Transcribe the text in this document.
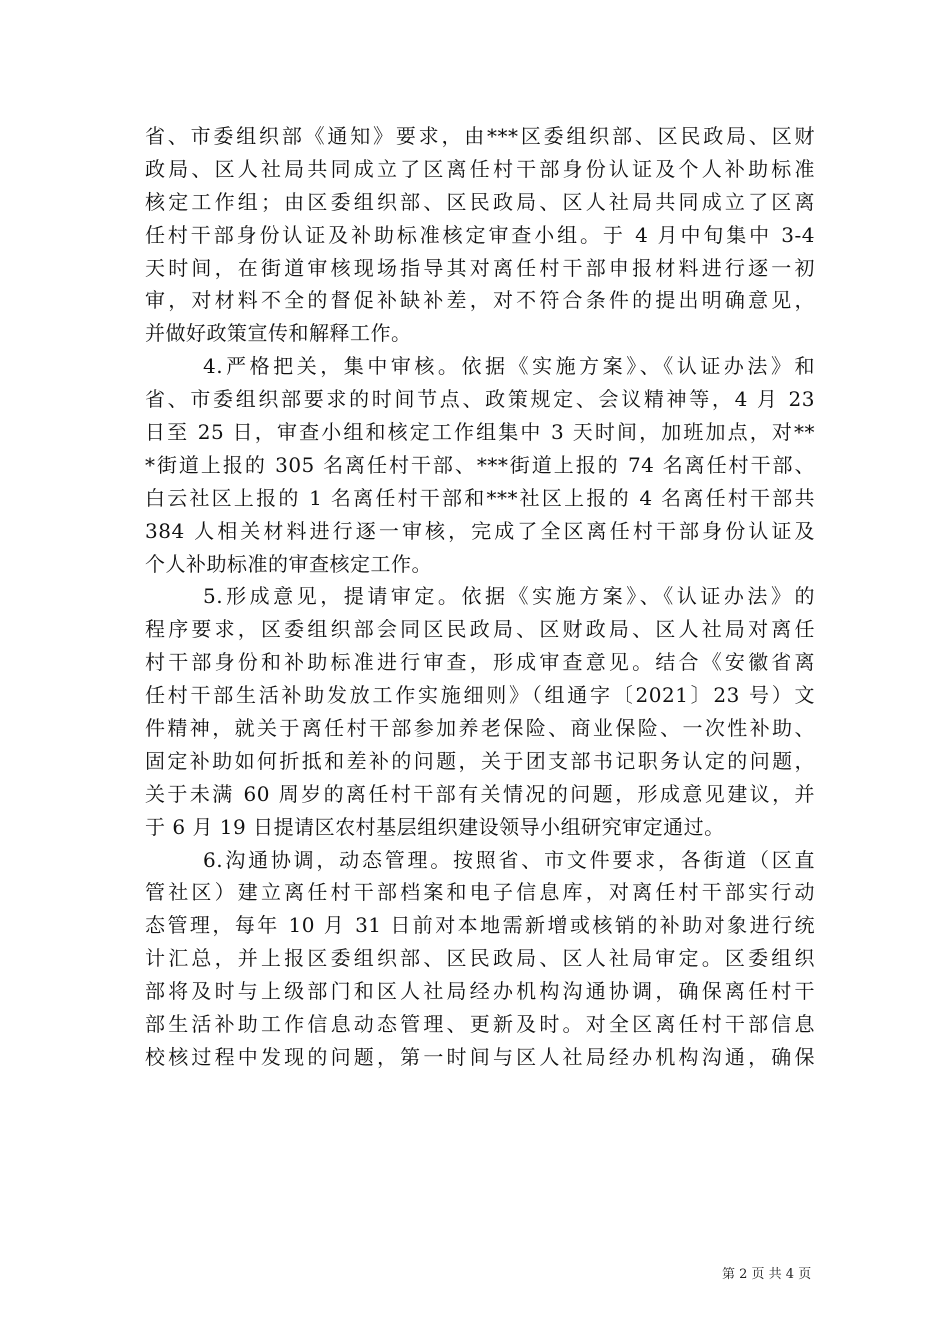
省、市委组织部《通知》要求，由***区委组织部、区民政局、区财
政局、区人社局共同成立了区离任村干部身份认证及个人补助标准
核定工作组；由区委组织部、区民政局、区人社局共同成立了区离
任村干部身份认证及补助标准核定审查小组。于 4 月中旬集中 3-4
天时间，在街道审核现场指导其对离任村干部申报材料进行逐一初
审，对材料不全的督促补缺补差，对不符合条件的提出明确意见，
并做好政策宣传和解释工作。
4.严格把关，集中审核。依据《实施方案》、《认证办法》和
省、市委组织部要求的时间节点、政策规定、会议精神等，4 月 23
日至 25 日，审查小组和核定工作组集中 3 天时间，加班加点，对**
*街道上报的 305 名离任村干部、***街道上报的 74 名离任村干部、
白云社区上报的 1 名离任村干部和***社区上报的 4 名离任村干部共
384 人相关材料进行逐一审核，完成了全区离任村干部身份认证及
个人补助标准的审查核定工作。
5.形成意见，提请审定。依据《实施方案》、《认证办法》的
程序要求，区委组织部会同区民政局、区财政局、区人社局对离任
村干部身份和补助标准进行审查，形成审查意见。结合《安徽省离
任村干部生活补助发放工作实施细则》（组通字〔2021〕23 号）文
件精神，就关于离任村干部参加养老保险、商业保险、一次性补助、
固定补助如何折抵和差补的问题，关于团支部书记职务认定的问题，
关于未满 60 周岁的离任村干部有关情况的问题，形成意见建议，并
于 6 月 19 日提请区农村基层组织建设领导小组研究审定通过。
6.沟通协调，动态管理。按照省、市文件要求，各街道（区直
管社区）建立离任村干部档案和电子信息库，对离任村干部实行动
态管理，每年 10 月 31 日前对本地需新增或核销的补助对象进行统
计汇总，并上报区委组织部、区民政局、区人社局审定。区委组织
部将及时与上级部门和区人社局经办机构沟通协调，确保离任村干
部生活补助工作信息动态管理、更新及时。对全区离任村干部信息
校核过程中发现的问题，第一时间与区人社局经办机构沟通，确保
第 2 页 共 4 页
